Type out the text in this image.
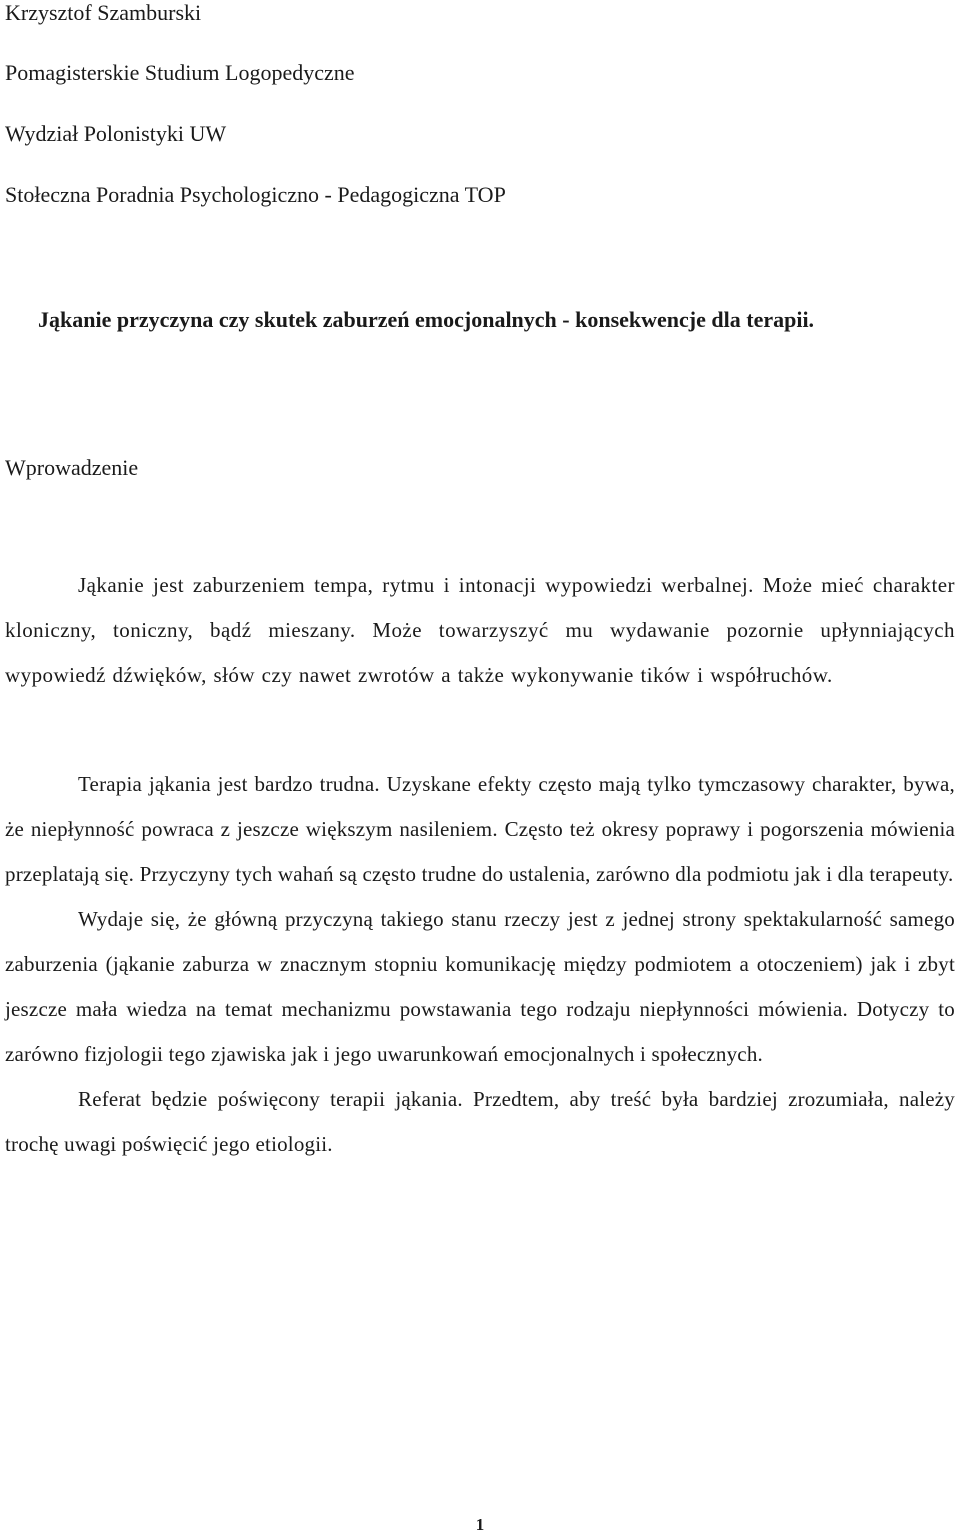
Krzysztof Szamburski
Pomagisterskie Studium Logopedyczne
Wydział Polonistyki UW
Stołeczna Poradnia Psychologiczno - Pedagogiczna TOP
Jąkanie przyczyna czy skutek zaburzeń emocjonalnych - konsekwencje dla terapii.
Wprowadzenie

Jąkanie jest zaburzeniem tempa, rytmu i intonacji wypowiedzi werbalnej. Może mieć charakter kloniczny, toniczny, bądź mieszany. Może towarzyszyć mu wydawanie pozornie upłynniających wypowiedź dźwięków, słów czy nawet zwrotów a także wykonywanie tików i współruchów.

Terapia jąkania jest bardzo trudna. Uzyskane efekty często mają tylko tymczasowy charakter, bywa, że niepłynność powraca z jeszcze większym nasileniem. Często też okresy poprawy i pogorszenia mówienia przeplatają się. Przyczyny tych wahań są często trudne do ustalenia, zarówno dla podmiotu jak i dla terapeuty.

Wydaje się, że główną przyczyną takiego stanu rzeczy jest z jednej strony spektakularność samego zaburzenia (jąkanie zaburza w znacznym stopniu komunikację między podmiotem a otoczeniem) jak i zbyt jeszcze mała wiedza na temat mechanizmu powstawania tego rodzaju niepłynności mówienia. Dotyczy to zarówno fizjologii tego zjawiska jak i jego uwarunkowań emocjonalnych i społecznych.

Referat będzie poświęcony terapii jąkania. Przedtem, aby treść była bardziej zrozumiała, należy trochę uwagi poświęcić jego etiologii.

1
